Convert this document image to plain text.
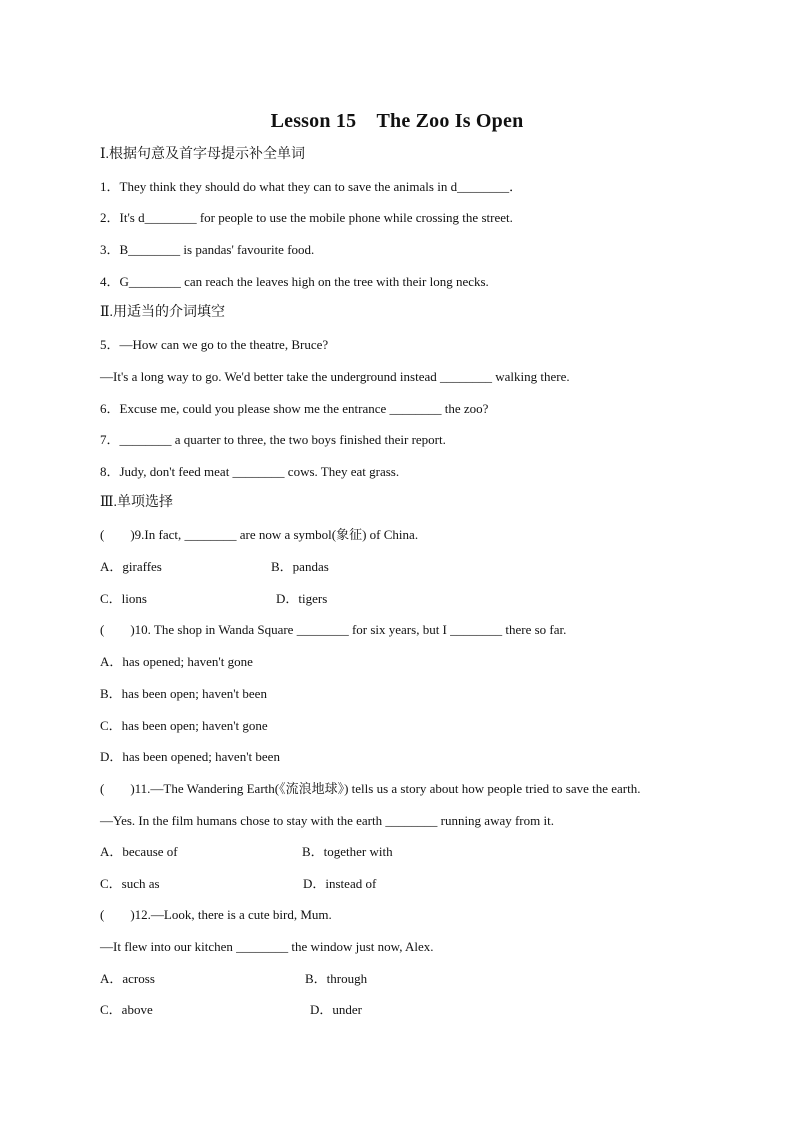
Lesson 15　The Zoo Is Open
Ⅰ.根据句意及首字母提示补全单词
1．They think they should do what they can to save the animals in d________．
2．It's d________ for people to use the mobile phone while crossing the street.
3．B________ is pandas' favourite food.
4．G________ can reach the leaves high on the tree with their long necks.
Ⅱ.用适当的介词填空
5．—How can we go to the theatre, Bruce?
—It's a long way to go. We'd better take the underground instead ________ walking there.
6．Excuse me, could you please show me the entrance ________ the zoo?
7．________ a quarter to three, the two boys finished their report.
8．Judy, don't feed meat ________ cows. They eat grass.
Ⅲ.单项选择
(　　)9.In fact, ________ are now a symbol(象征) of China.
A．giraffes	B．pandas
C．lions	D．tigers
(　　)10. The shop in Wanda Square ________ for six years, but I ________ there so far.
A．has opened; haven't gone
B．has been open; haven't been
C．has been open; haven't gone
D．has been opened; haven't been
(　　)11.—The Wandering Earth(《流浪地球》) tells us a story about how people tried to save the earth.
—Yes. In the film humans chose to stay with the earth ________ running away from it.
A．because of	B．together with
C．such as	D．instead of
(　　)12.—Look, there is a cute bird, Mum.
—It flew into our kitchen ________ the window just now, Alex.
A．across	B．through
C．above	D．under
